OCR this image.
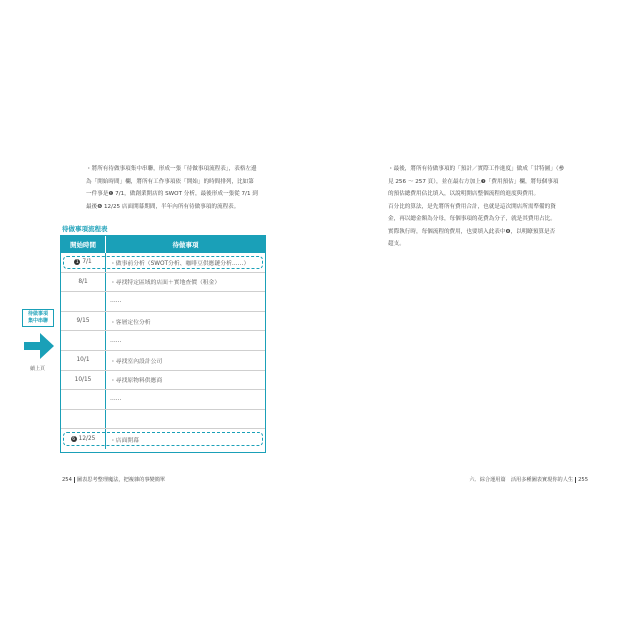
・將所有待做事項集中串聯，形成一張「待做事項流程表」，表格左邊

為「開始時間」欄，將所有工作事項依「開始」的時間排列，比如第

一件事是❶ 7/1，做創業開店的 SWOT 分析，最後形成一張從 7/1 到

最後❻ 12/25 店面開幕期間，半年內所有待做事項的流程表。

待做事項流程表
開始時間	待做事項
1 7/1	・做事前分析（SWOT分析、咖啡豆供應鏈分析……）
8/1	・尋找特定區域的店面＋實地查價（租金）
……
9/15	・客層定位分析
……
10/1	・尋找室內設計公司
10/15	・尋找原物料供應商
……
6 12/25	・店面開幕
待做事項
集中串聯
續上頁
254 圖表思考整理魔法，把複雜的事變簡單

・最後，將所有待做事項的「預計／實際工作進度」做成「甘特圖」（參

見 256 ～ 257 頁），並在最右方加上❼「費用預估」欄，將每個事項

的預估總費用佔比填入，以說明開店整個流程的進度與費用。

百分比的算法，是先將所有費用合計，也就是這次開店所需準備的資

金，再以總金額為分母，每個事項的花費為分子，就是其費用占比。

實際執行時，每個流程的費用，也要填入此表中❽，以明瞭預算是否

超支。

六．綜合運用篇　活用多種圖表實現你的人生 255
